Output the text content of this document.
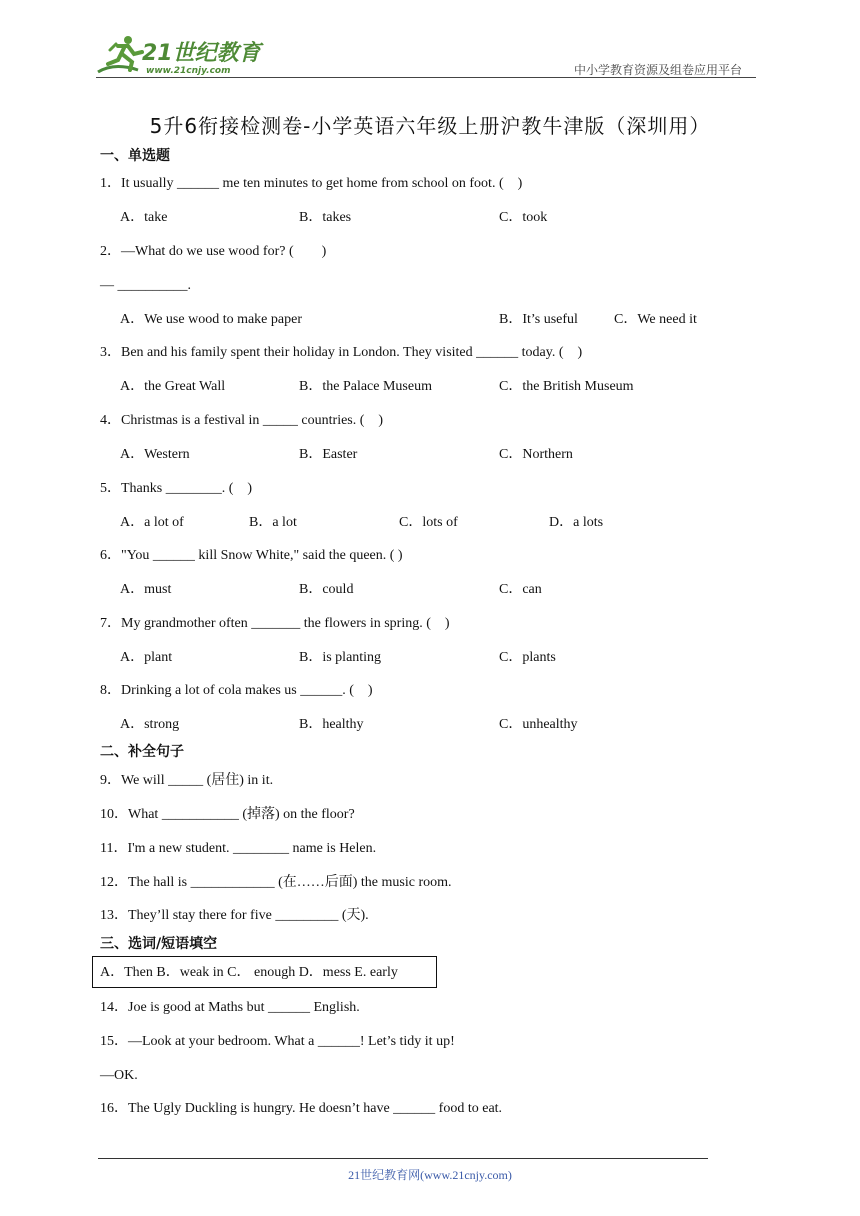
21世纪教育
www.21cnjy.com	中小学教育资源及组卷应用平台
5升6衔接检测卷-小学英语六年级上册沪教牛津版（深圳用）
一、单选题
1．It usually ______ me ten minutes to get home from school on foot. (　)
A．take	B．takes	C．took
2．—What do we use wood for? (　　)
— __________.
A．We use wood to make paper	B．It’s useful	C．We need it
3．Ben and his family spent their holiday in London. They visited ______ today. (　)
A．the Great Wall	B．the Palace Museum	C．the British Museum
4．Christmas is a festival in _____ countries. (　)
A．Western	B．Easter	C．Northern
5．Thanks ________. (　)
A．a lot of	B．a lot	C．lots of	D．a lots
6．"You ______ kill Snow White," said the queen. ( )
A．must	B．could	C．can
7．My grandmother often _______ the flowers in spring. (　)
A．plant	B．is planting	C．plants
8．Drinking a lot of cola makes us ______. (　)
A．strong	B．healthy	C．unhealthy
二、补全句子
9．We will _____ (居住) in it.
10．What ___________ (掉落) on the floor?
11．I'm a new student. ________ name is Helen.
12．The hall is ____________ (在……后面) the music room.
13．They’ll stay there for five _________ (天).
三、选词/短语填空
A．Then B．weak in C． enough D．mess E. early
14．Joe is good at Maths but ______ English.
15．—Look at your bedroom. What a ______! Let’s tidy it up!
—OK.
16．The Ugly Duckling is hungry. He doesn’t have ______ food to eat.
21世纪教育网(www.21cnjy.com)
